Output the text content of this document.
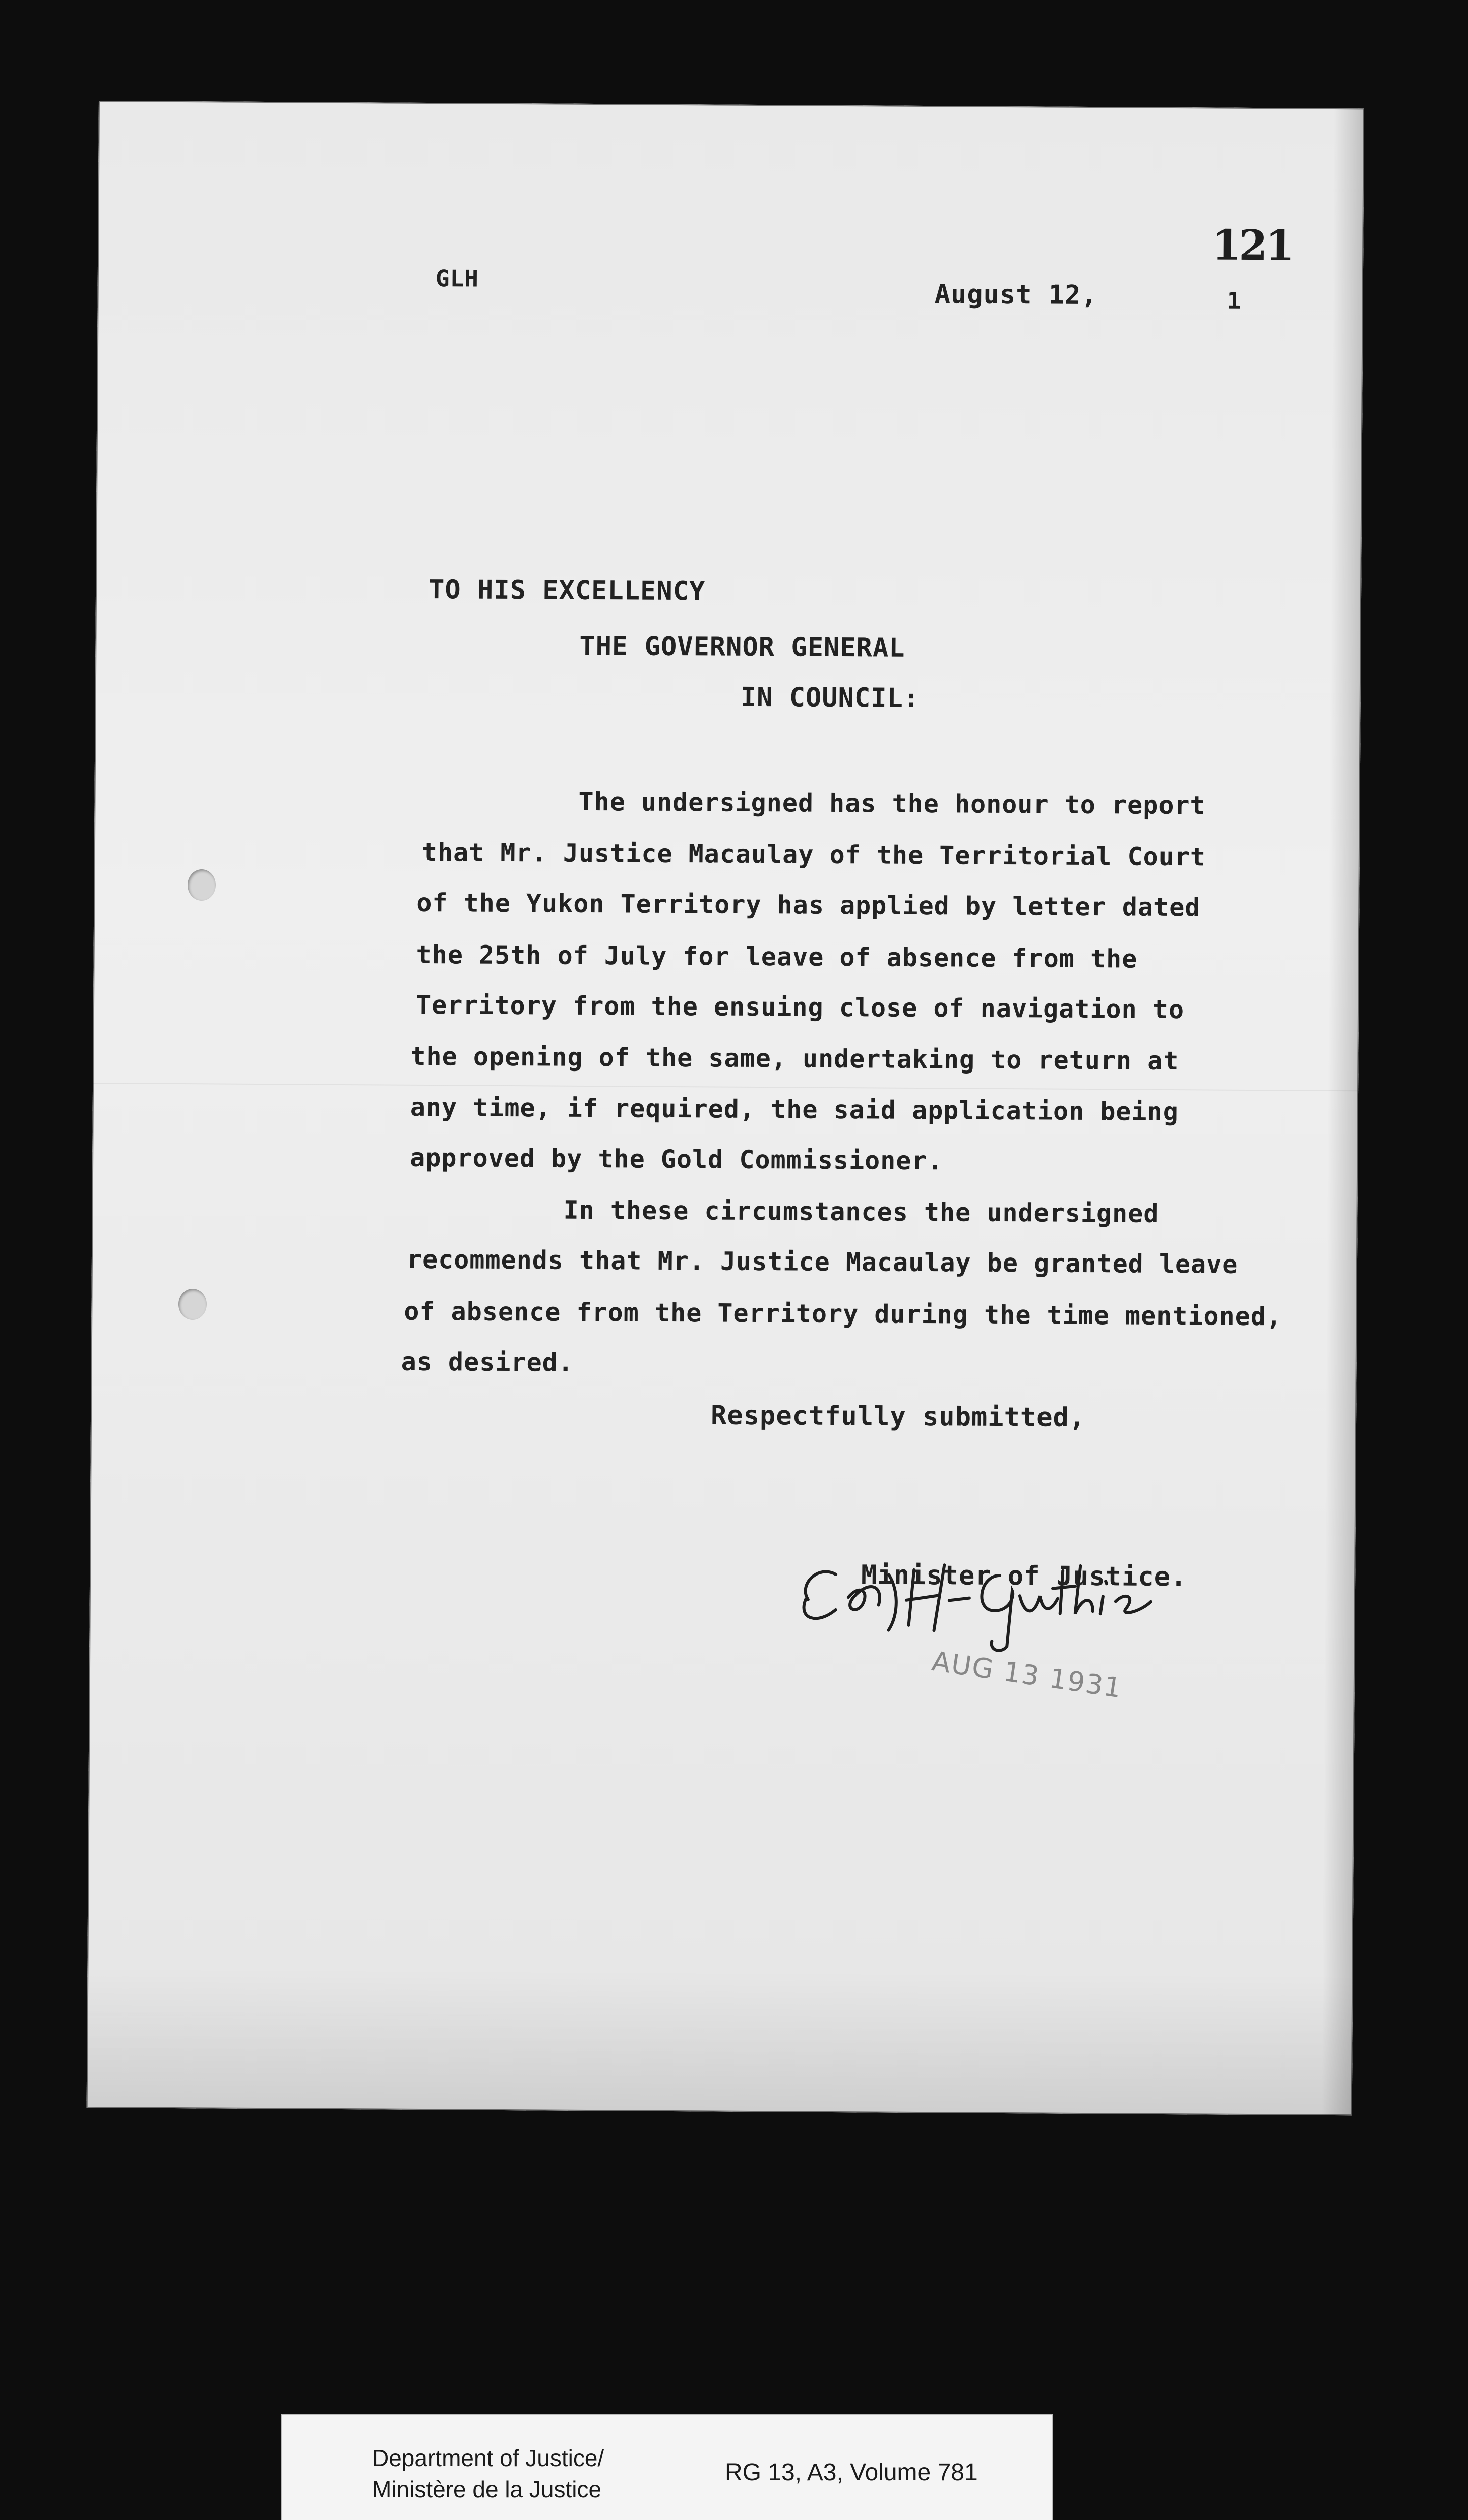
GLH
August 12,	1
121
TO HIS EXCELLENCY
THE GOVERNOR GENERAL
IN COUNCIL:
The undersigned has the honour to report
that Mr. Justice Macaulay of the Territorial Court
of the Yukon Territory has applied by letter dated
the 25th of July for leave of absence from the
Territory from the ensuing close of navigation to
the opening of the same, undertaking to return at
any time, if required, the said application being
approved by the Gold Commissioner.
In these circumstances the undersigned
recommends that Mr. Justice Macaulay be granted leave
of absence from the Territory during the time mentioned,
as desired.
Respectfully submitted,
Minister of Justice.
AUG 13 1931
Department of Justice/
Ministère de la Justice
RG 13, A3, Volume 781
